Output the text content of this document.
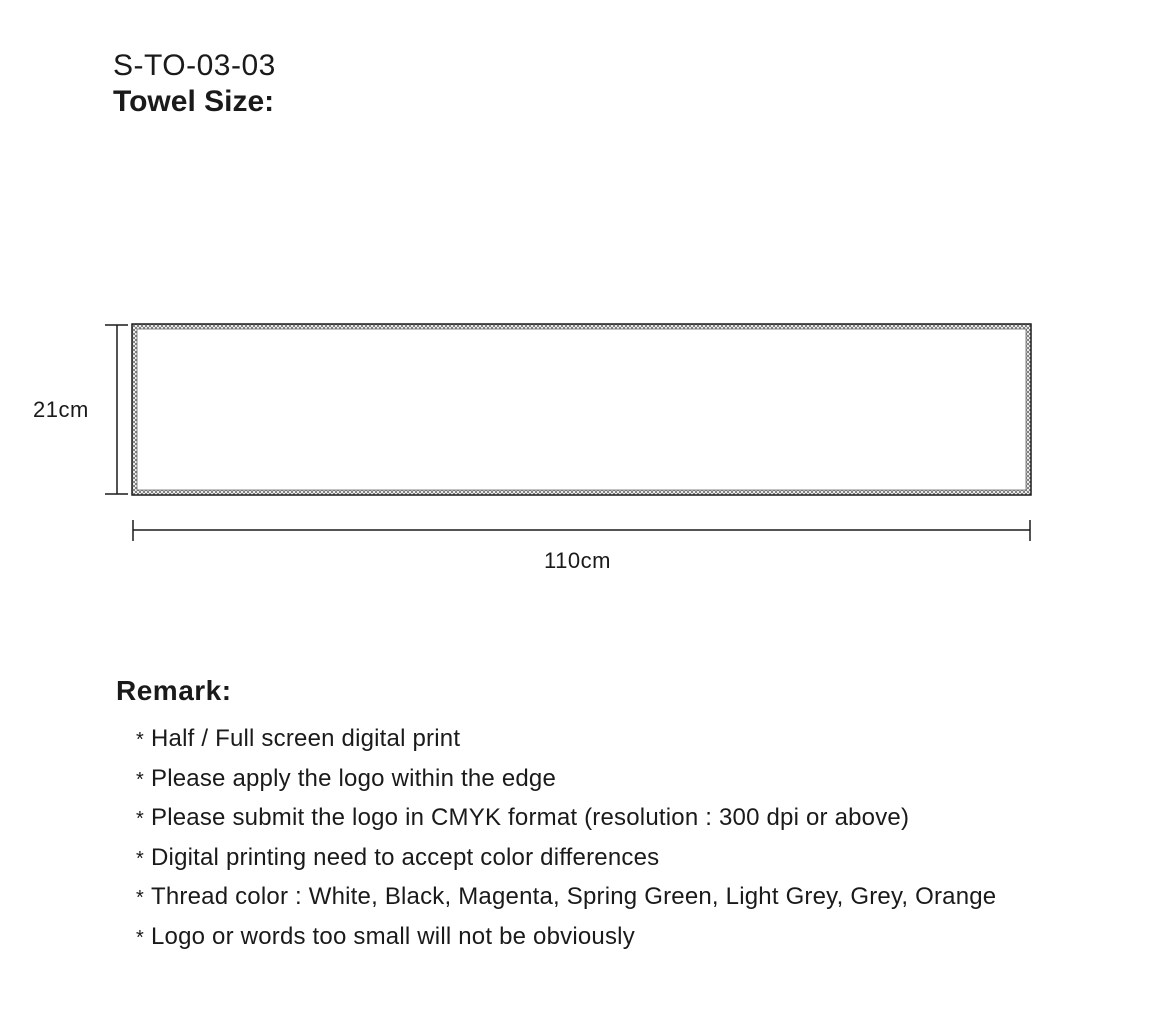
S-TO-03-03
Towel Size:
21cm
110cm
Remark:
* Half / Full screen digital print
* Please apply the logo within the edge
* Please submit the logo in CMYK format (resolution : 300 dpi or above)
* Digital printing need to accept color differences
* Thread color : White, Black, Magenta, Spring Green, Light Grey, Grey, Orange
* Logo or words too small will not be obviously
